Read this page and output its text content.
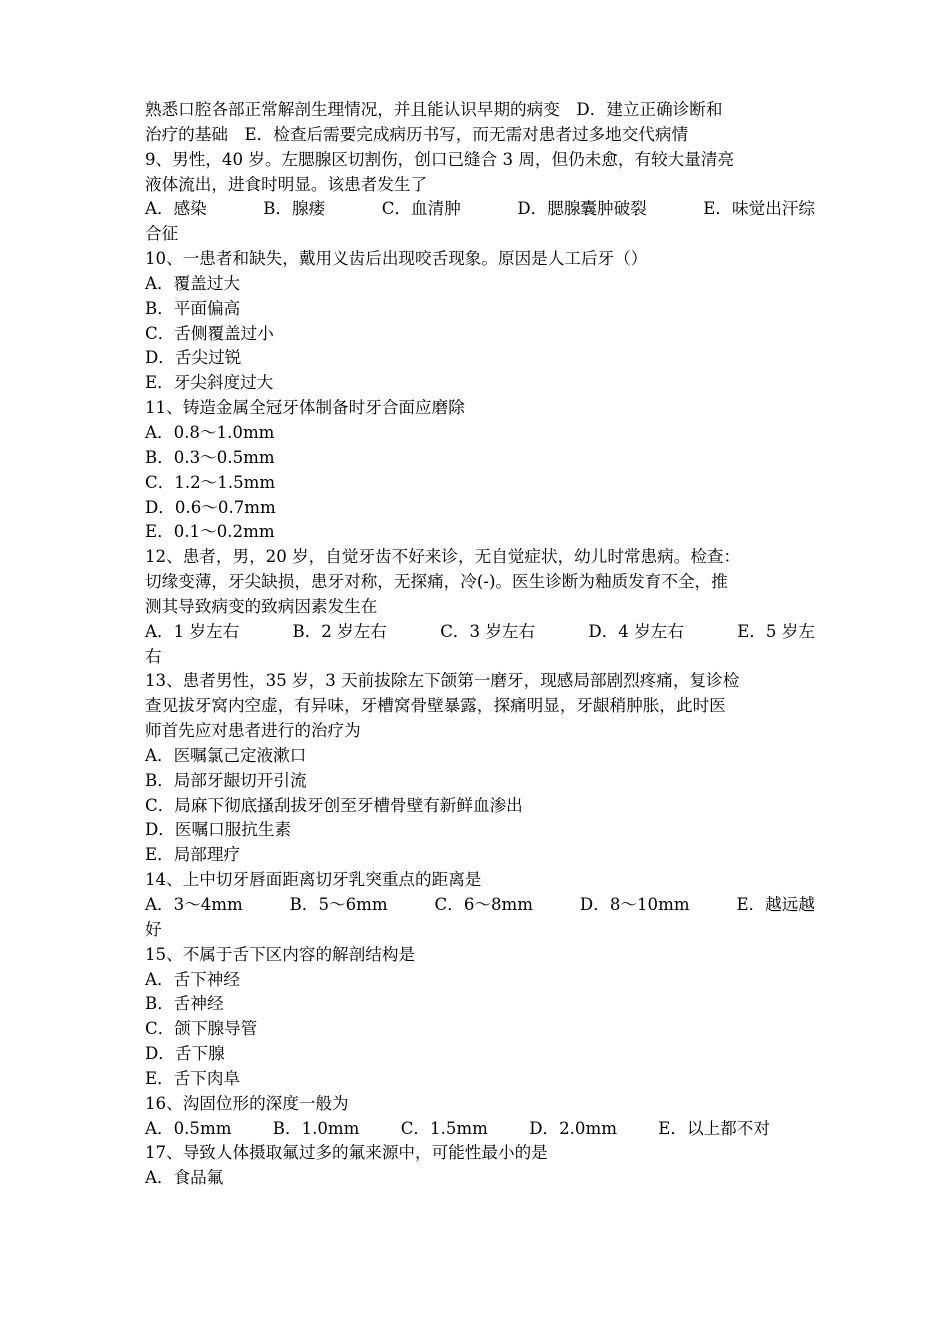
熟悉口腔各部正常解剖生理情况，并且能认识早期的病变　D．建立正确诊断和
治疗的基础　E．检查后需要完成病历书写，而无需对患者过多地交代病情
9、男性，40 岁。左腮腺区切割伤，创口已缝合 3 周，但仍未愈，有较大量清亮
液体流出，进食时明显。该患者发生了
A．感染	B．腺瘘	C．血清肿	D．腮腺囊肿破裂	E．味觉出汗综
合征
10、一患者和缺失，戴用义齿后出现咬舌现象。原因是人工后牙（）
A．覆盖过大
B．平面偏高
C．舌侧覆盖过小
D．舌尖过锐
E．牙尖斜度过大
11、铸造金属全冠牙体制备时牙合面应磨除
A．0.8～1.0mm
B．0.3～0.5mm
C．1.2～1.5mm
D．0.6～0.7mm
E．0.1～0.2mm
12、患者，男，20 岁，自觉牙齿不好来诊，无自觉症状，幼儿时常患病。检查：
切缘变薄，牙尖缺损，患牙对称，无探痛，冷(-)。医生诊断为釉质发育不全，推
测其导致病变的致病因素发生在
A．1 岁左右	B．2 岁左右	C．3 岁左右	D．4 岁左右	E．5 岁左
右
13、患者男性，35 岁，3 天前拔除左下颌第一磨牙，现感局部剧烈疼痛，复诊检
查见拔牙窝内空虚，有异味，牙槽窝骨壁暴露，探痛明显，牙龈稍肿胀，此时医
师首先应对患者进行的治疗为
A．医嘱氯己定液漱口
B．局部牙龈切开引流
C．局麻下彻底搔刮拔牙创至牙槽骨壁有新鲜血渗出
D．医嘱口服抗生素
E．局部理疗
14、上中切牙唇面距离切牙乳突重点的距离是
A．3～4mm	B．5～6mm	C．6～8mm	D．8～10mm	E．越远越
好
15、不属于舌下区内容的解剖结构是
A．舌下神经
B．舌神经
C．颌下腺导管
D．舌下腺
E．舌下肉阜
16、沟固位形的深度一般为
A．0.5mm B．1.0mm C．1.5mm D．2.0mm E．以上都不对
17、导致人体摄取氟过多的氟来源中，可能性最小的是
A．食品氟
